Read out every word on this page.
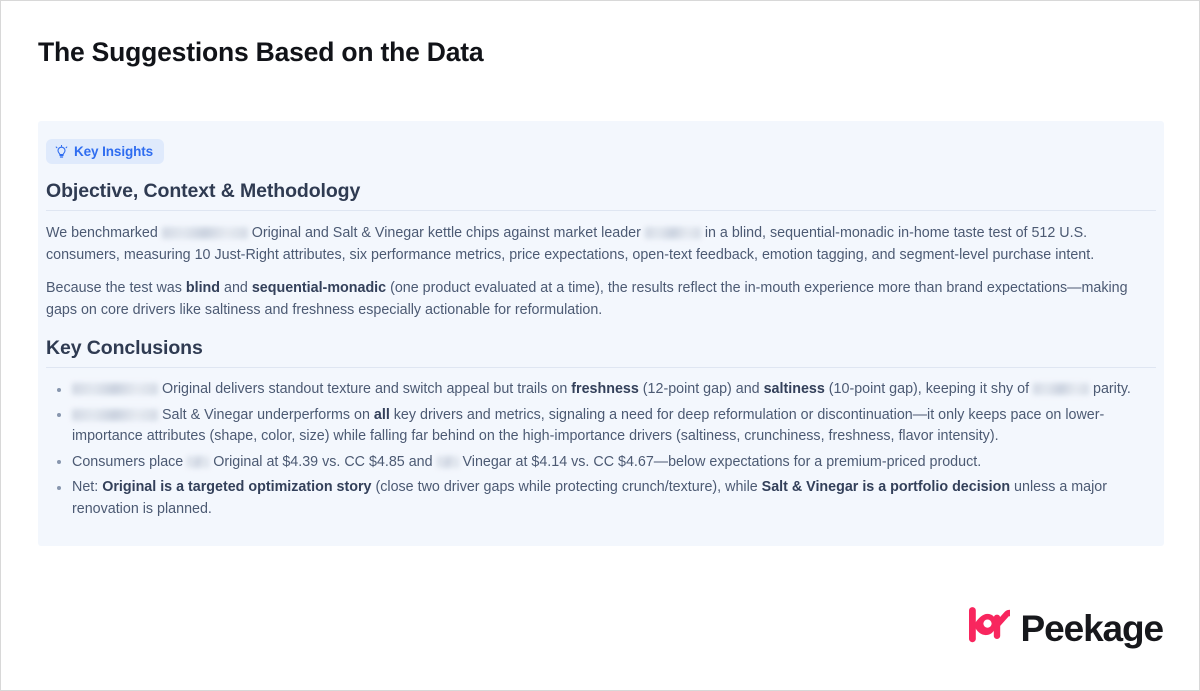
The Suggestions Based on the Data
Key Insights
Objective, Context & Methodology

We benchmarked	Original and Salt & Vinegar kettle chips against market leader	in a blind, sequential-monadic in-home taste test of 512 U.S. consumers, measuring 10 Just-Right attributes, six performance metrics, price expectations, open-text feedback, emotion tagging, and segment-level purchase intent.

Because the test was blind and sequential-monadic (one product evaluated at a time), the results reflect the in-mouth experience more than brand expectations—making gaps on core drivers like saltiness and freshness especially actionable for reformulation.

Key Conclusions
Original delivers standout texture and switch appeal but trails on freshness (12-point gap) and saltiness (10-point gap), keeping it shy of	parity.
Salt & Vinegar underperforms on all key drivers and metrics, signaling a need for deep reformulation or discontinuation—it only keeps pace on lower-importance attributes (shape, color, size) while falling far behind on the high-importance drivers (saltiness, crunchiness, freshness, flavor intensity).
Consumers place  Original at $4.39 vs. CC $4.85 and  Vinegar at $4.14 vs. CC $4.67—below expectations for a premium-priced product.
Net: Original is a targeted optimization story (close two driver gaps while protecting crunch/texture), while Salt & Vinegar is a portfolio decision unless a major renovation is planned.
Peekage
